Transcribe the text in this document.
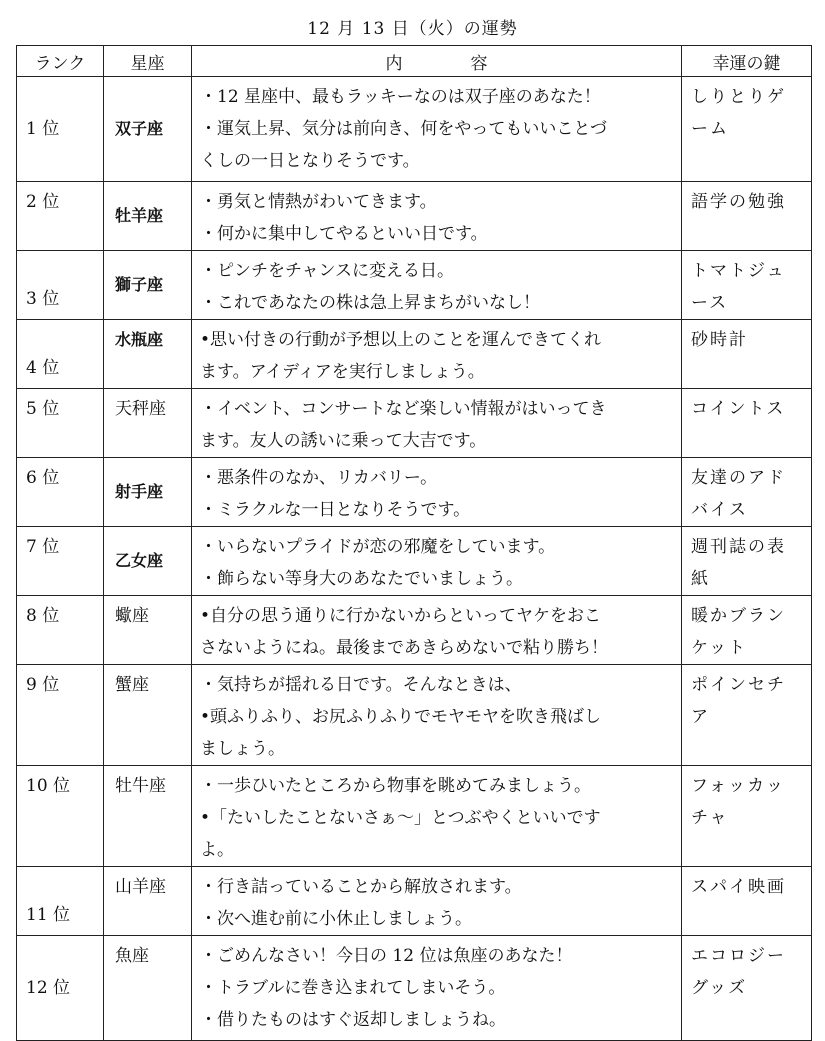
12 月 13 日（火）の運勢
ランク	星座	内容	幸運の鍵
1 位	双子座	・12 星座中、最もラッキーなのは双子座のあなた！
・運気上昇、気分は前向き、何をやってもいいことづ
くしの一日となりそうです。	しりとりゲーム
2 位	牡羊座	・勇気と情熱がわいてきます。
・何かに集中してやるといい日です。	語学の勉強
3 位	獅子座	・ピンチをチャンスに変える日。
・これであなたの株は急上昇まちがいなし！	トマトジュース
4 位	水瓶座	•思い付きの行動が予想以上のことを運んできてくれ
ます。アイディアを実行しましょう。	砂時計
5 位	天秤座	・イベント、コンサートなど楽しい情報がはいってき
ます。友人の誘いに乗って大吉です。	コイントス
6 位	射手座	・悪条件のなか、リカバリー。
・ミラクルな一日となりそうです。	友達のアドバイス
7 位	乙女座	・いらないプライドが恋の邪魔をしています。
・飾らない等身大のあなたでいましょう。	週刊誌の表紙
8 位	蠍座	•自分の思う通りに行かないからといってヤケをおこ
さないようにね。最後まであきらめないで粘り勝ち！	暖かブランケット
9 位	蟹座	・気持ちが揺れる日です。そんなときは、
•頭ふりふり、お尻ふりふりでモヤモヤを吹き飛ばし
ましょう。	ポインセチア
10 位	牡牛座	・一歩ひいたところから物事を眺めてみましょう。
•「たいしたことないさぁ〜」とつぶやくといいです
よ。	フォッカッチャ
11 位	山羊座	・行き詰っていることから解放されます。
・次へ進む前に小休止しましょう。	スパイ映画
12 位	魚座	・ごめんなさい！今日の 12 位は魚座のあなた！
・トラブルに巻き込まれてしまいそう。
・借りたものはすぐ返却しましょうね。	エコロジーグッズ
